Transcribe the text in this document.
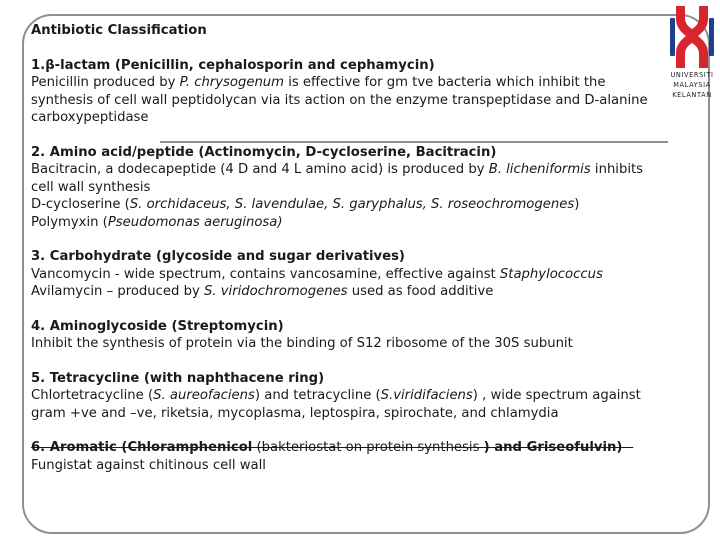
UNIVERSITI
MALAYSIA
KELANTAN

Antibiotic Classification

1.β-lactam (Penicillin, cephalosporin and cephamycin)

Penicillin produced by P. chrysogenum is effective for gm tve bacteria which inhibit the

synthesis of cell wall peptidolycan via its action on the enzyme transpeptidase and D-alanine

carboxypeptidase

2. Amino acid/peptide (Actinomycin, D-cycloserine, Bacitracin)

Bacitracin, a dodecapeptide (4 D and 4 L amino acid) is produced by B. licheniformis inhibits

cell wall synthesis

D-cycloserine (S. orchidaceus, S. lavendulae, S. garyphalus, S. roseochromogenes)

Polymyxin (Pseudomonas aeruginosa)

3. Carbohydrate (glycoside and sugar derivatives)

Vancomycin - wide spectrum, contains vancosamine, effective against Staphylococcus

Avilamycin – produced by S. viridochromogenes used as food additive

4. Aminoglycoside (Streptomycin)

Inhibit the synthesis of protein via the binding of S12 ribosome of the 30S subunit

5. Tetracycline (with naphthacene ring)

Chlortetracycline (S. aureofaciens) and tetracycline (S.viridifaciens) , wide spectrum against

gram +ve and –ve, riketsia, mycoplasma, leptospira, spirochate, and chlamydia

6. Aromatic (Chloramphenicol (bakteriostat on protein synthesis ) and Griseofulvin) –

Fungistat against chitinous cell wall
